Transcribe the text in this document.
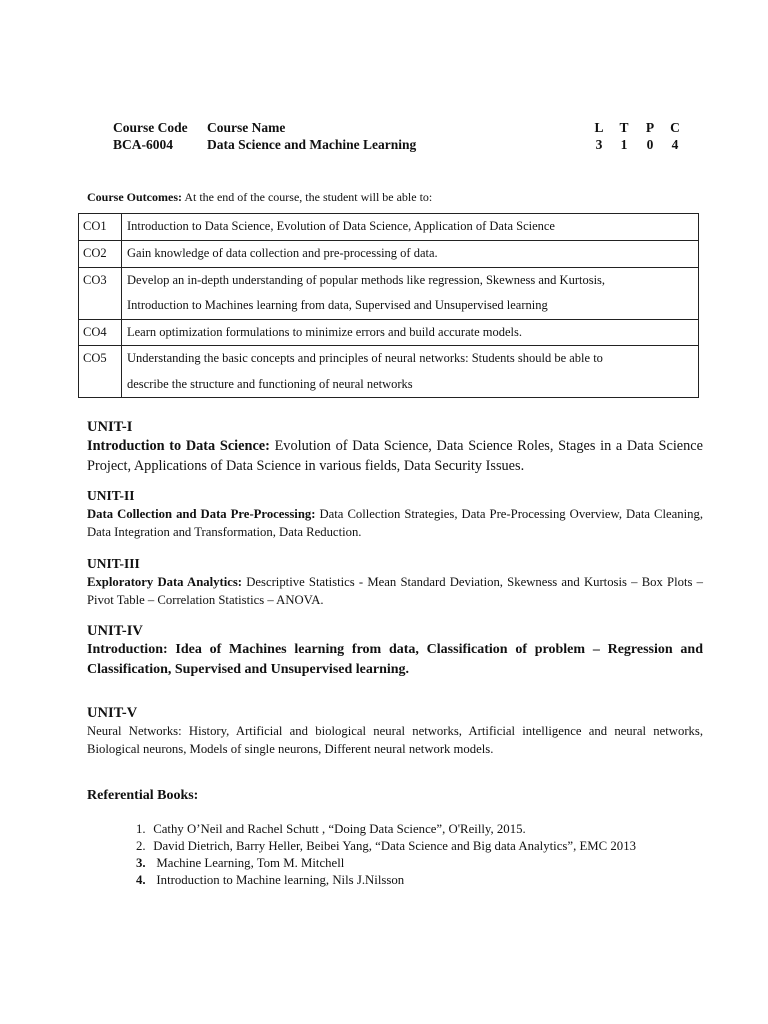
Course Code Course Name
BCA-6004	Data Science and Machine Learning
L	T	P	C
3	1	0	4
Course Outcomes: At the end of the course, the student will be able to:
CO1	Introduction to Data Science, Evolution of Data Science, Application of Data Science

CO2	Gain knowledge of data collection and pre-processing of data.

CO3	Develop an in-depth understanding of popular methods like regression, Skewness and Kurtosis,
Introduction to Machines learning from data, Supervised and Unsupervised learning

CO4	Learn optimization formulations to minimize errors and build accurate models.

CO5	Understanding the basic concepts and principles of neural networks: Students should be able to
describe the structure and functioning of neural networks
UNIT-I
Introduction to Data Science: Evolution of Data Science, Data Science Roles, Stages in a Data Science Project, Applications of Data Science in various fields, Data Security Issues.
UNIT-II
Data Collection and Data Pre-Processing: Data Collection Strategies, Data Pre-Processing Overview, Data Cleaning, Data Integration and Transformation, Data Reduction.
UNIT-III
Exploratory Data Analytics: Descriptive Statistics - Mean Standard Deviation, Skewness and Kurtosis – Box Plots – Pivot Table – Correlation Statistics – ANOVA.
UNIT-IV
Introduction: Idea of Machines learning from data, Classification of problem – Regression and Classification, Supervised and Unsupervised learning.
UNIT-V
Neural Networks: History, Artificial and biological neural networks, Artificial intelligence and neural networks, Biological neurons, Models of single neurons, Different neural network models.
Referential Books:
1. Cathy O’Neil and Rachel Schutt , “Doing Data Science”, O'Reilly, 2015.
2. David Dietrich, Barry Heller, Beibei Yang, “Data Science and Big data Analytics”, EMC 2013
3. Machine Learning, Tom M. Mitchell
4. Introduction to Machine learning, Nils J.Nilsson
